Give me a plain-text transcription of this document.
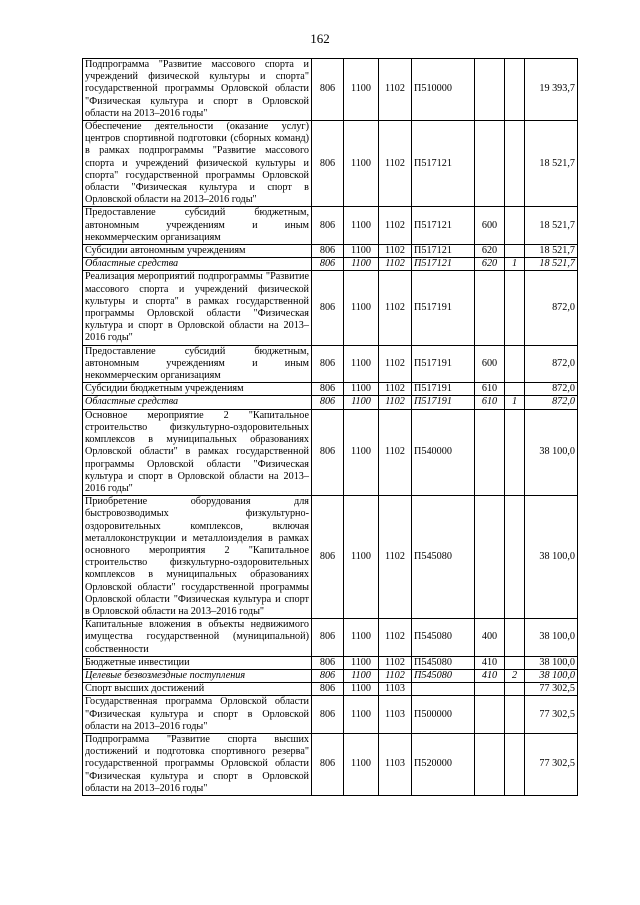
162
Подпрограмма "Развитие массового спорта и учреждений физической культуры и спорта" государственной программы Орловской области "Физическая культура и спорт в Орловской области на 2013–2016 годы"	806	1100	1102	П510000			19 393,7
Обеспечение деятельности (оказание услуг) центров спортивной подготовки (сборных команд) в рамках подпрограммы "Развитие массового спорта и учреждений физической культуры и спорта" государственной программы Орловской области "Физическая культура и спорт в Орловской области на 2013–2016 годы"	806	1100	1102	П517121			18 521,7
Предоставление субсидий бюджетным, автономным учреждениям и иным некоммерческим организациям	806	1100	1102	П517121	600		18 521,7
Субсидии автономным учреждениям	806	1100	1102	П517121	620		18 521,7
Областные средства	806	1100	1102	П517121	620	1	18 521,7
Реализация мероприятий подпрограммы "Развитие массового спорта и учреждений физической культуры и спорта" в рамках государственной программы Орловской области "Физическая культура и спорт в Орловской области на 2013–2016 годы"	806	1100	1102	П517191			872,0
Предоставление субсидий бюджетным, автономным учреждениям и иным некоммерческим организациям	806	1100	1102	П517191	600		872,0
Субсидии бюджетным учреждениям	806	1100	1102	П517191	610		872,0
Областные средства	806	1100	1102	П517191	610	1	872,0
Основное мероприятие 2 "Капитальное строительство физкультурно-оздоровительных комплексов в муниципальных образованиях Орловской области" в рамках государственной программы Орловской области "Физическая культура и спорт в Орловской области на 2013–2016 годы"	806	1100	1102	П540000			38 100,0
Приобретение оборудования для быстровозводимых физкультурно-оздоровительных комплексов, включая металлоконструкции и металлоизделия в рамках основного мероприятия 2 "Капитальное строительство физкультурно-оздоровительных комплексов в муниципальных образованиях Орловской области" государственной программы Орловской области "Физическая культура и спорт в Орловской области на 2013–2016 годы"	806	1100	1102	П545080			38 100,0
Капитальные вложения в объекты недвижимого имущества государственной (муниципальной) собственности	806	1100	1102	П545080	400		38 100,0
Бюджетные инвестиции	806	1100	1102	П545080	410		38 100,0
Целевые безвозмездные поступления	806	1100	1102	П545080	410	2	38 100,0
Спорт высших достижений	806	1100	1103				77 302,5
Государственная программа Орловской области "Физическая культура и спорт в Орловской области на 2013–2016 годы"	806	1100	1103	П500000			77 302,5
Подпрограмма "Развитие спорта высших достижений и подготовка спортивного резерва" государственной программы Орловской области "Физическая культура и спорт в Орловской области на 2013–2016 годы"	806	1100	1103	П520000			77 302,5
